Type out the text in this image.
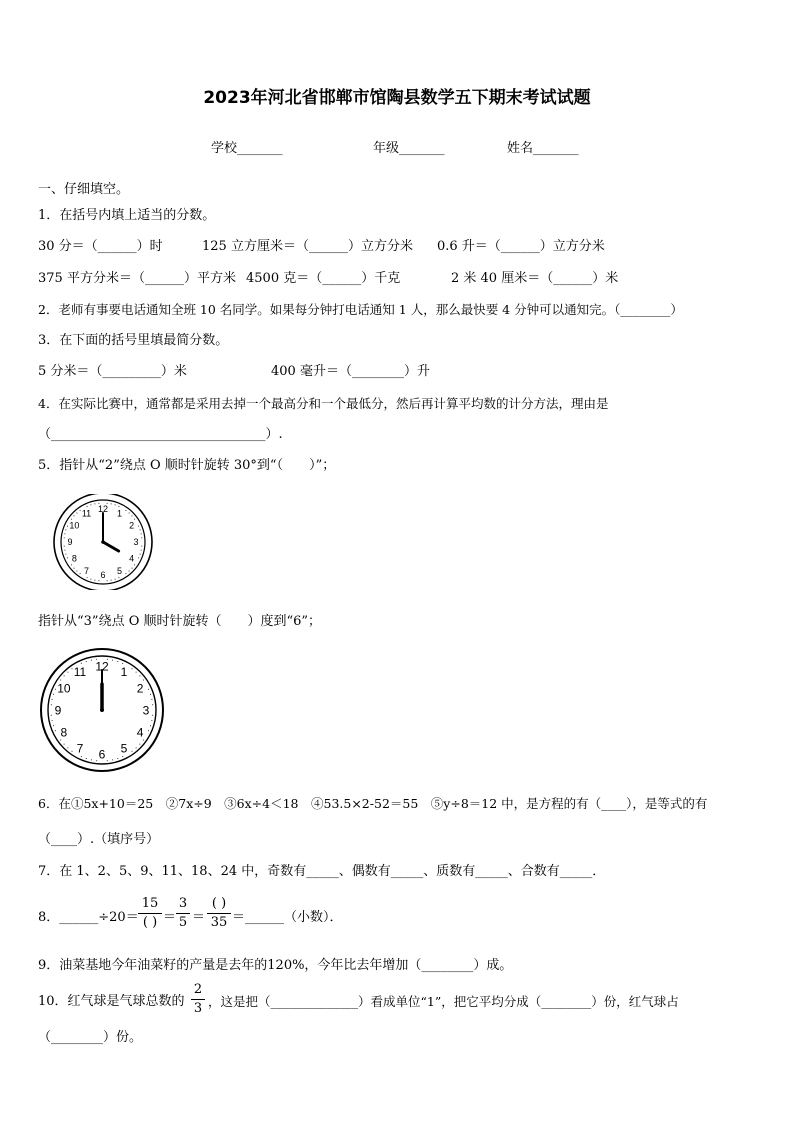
2023年河北省邯郸市馆陶县数学五下期末考试试题
学校_______	年级_______	姓名_______
一、仔细填空。
1．在括号内填上适当的分数。
30 分＝（______）时	125 立方厘米＝（______）立方分米 0.6 升＝（______）立方分米
375 平方分米＝（______）平方米 4500 克＝（______）千克	2 米 40 厘米＝（______）米
2．老师有事要电话通知全班 10 名同学。如果每分钟打电话通知 1 人，那么最快要 4 分钟可以通知完。（________）
3．在下面的括号里填最简分数。
5 分米＝（_________）米	400 毫升＝（________）升
4．在实际比赛中，通常都是采用去掉一个最高分和一个最低分，然后再计算平均数的计分方法，理由是
（_________________________________）.
5．指针从“2”绕点 O 顺时针旋转 30°到“（　　）”；
12 1
2
3
4
5
6
7
8
9
10
11
指针从“3”绕点 O 顺时针旋转（　　）度到“6”；
12 1
2
3
4
5
6
7
8
9
10
11
6．在①5x+10＝25　②7x÷9　③6x÷4＜18　④53.5×2-52＝55　⑤y÷8＝12 中，是方程的有（____），是等式的有
（____）.（填序号）
7．在 1、2、5、9、11、18、24 中，奇数有_____、偶数有_____、质数有_____、合数有_____．
8．______÷20＝
15
( ) ＝
3
5 ＝
( )
35 ＝______（小数）．
9．油菜基地今年油菜籽的产量是去年的120%，今年比去年增加（________）成。
10．红气球是气球总数的
2
3 ，这是把（______________）看成单位“1”，把它平均分成（________）份，红气球占
（________）份。
